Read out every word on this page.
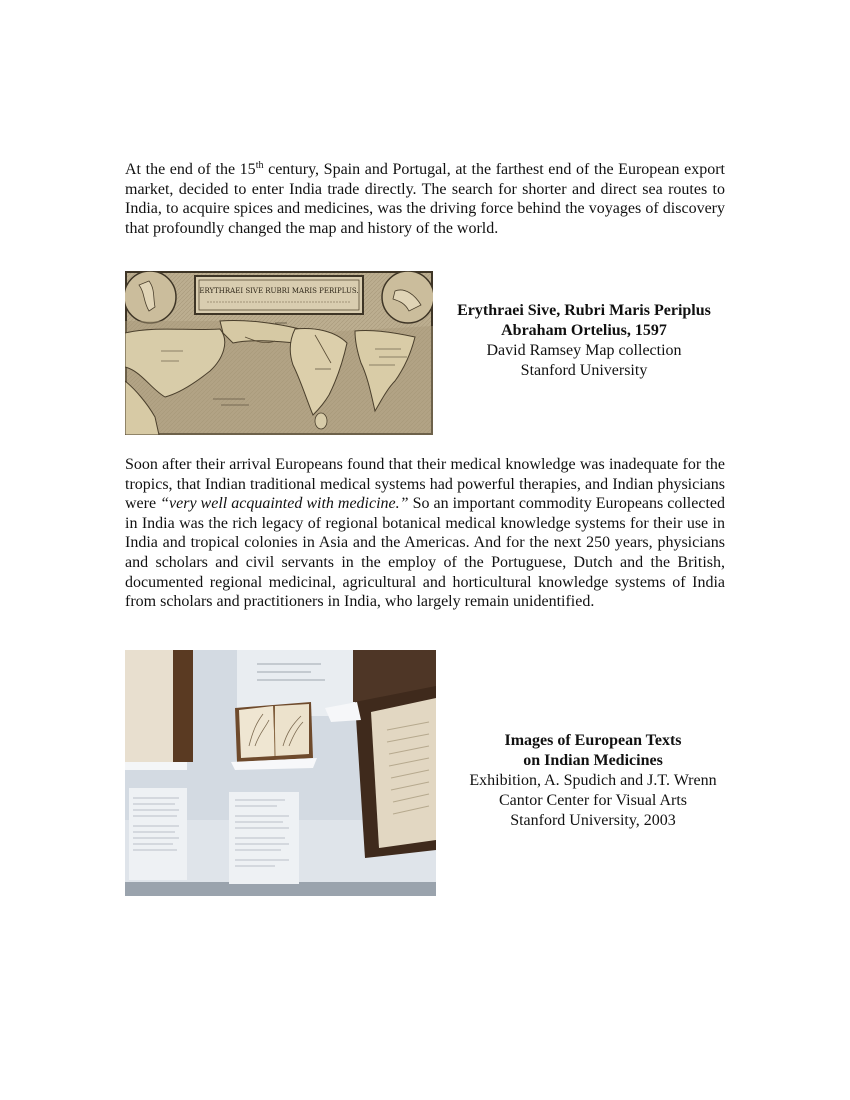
At the end of the 15th century, Spain and Portugal, at the farthest end of the European export market, decided to enter India trade directly. The search for shorter and direct sea routes to India, to acquire spices and medicines, was the driving force behind the voyages of discovery that profoundly changed the map and history of the world.

ERYTHRAEI SIVE RUBRI MARIS PERIPLUS.
Erythraei Sive, Rubri Maris Periplus
Abraham Ortelius, 1597
David Ramsey Map collection
Stanford University

Soon after their arrival Europeans found that their medical knowledge was inadequate for the tropics, that Indian traditional medical systems had powerful therapies, and Indian physicians were “very well acquainted with medicine.” So an important commodity Europeans collected in India was the rich legacy of regional botanical medical knowledge systems for their use in India and tropical colonies in Asia and the Americas. And for the next 250 years, physicians and scholars and civil servants in the employ of the Portuguese, Dutch and the British, documented regional medicinal, agricultural and horticultural knowledge systems of India from scholars and practitioners in India, who largely remain unidentified.

Images of European Texts
on Indian Medicines
Exhibition, A. Spudich and J.T. Wrenn
Cantor Center for Visual Arts
Stanford University, 2003
